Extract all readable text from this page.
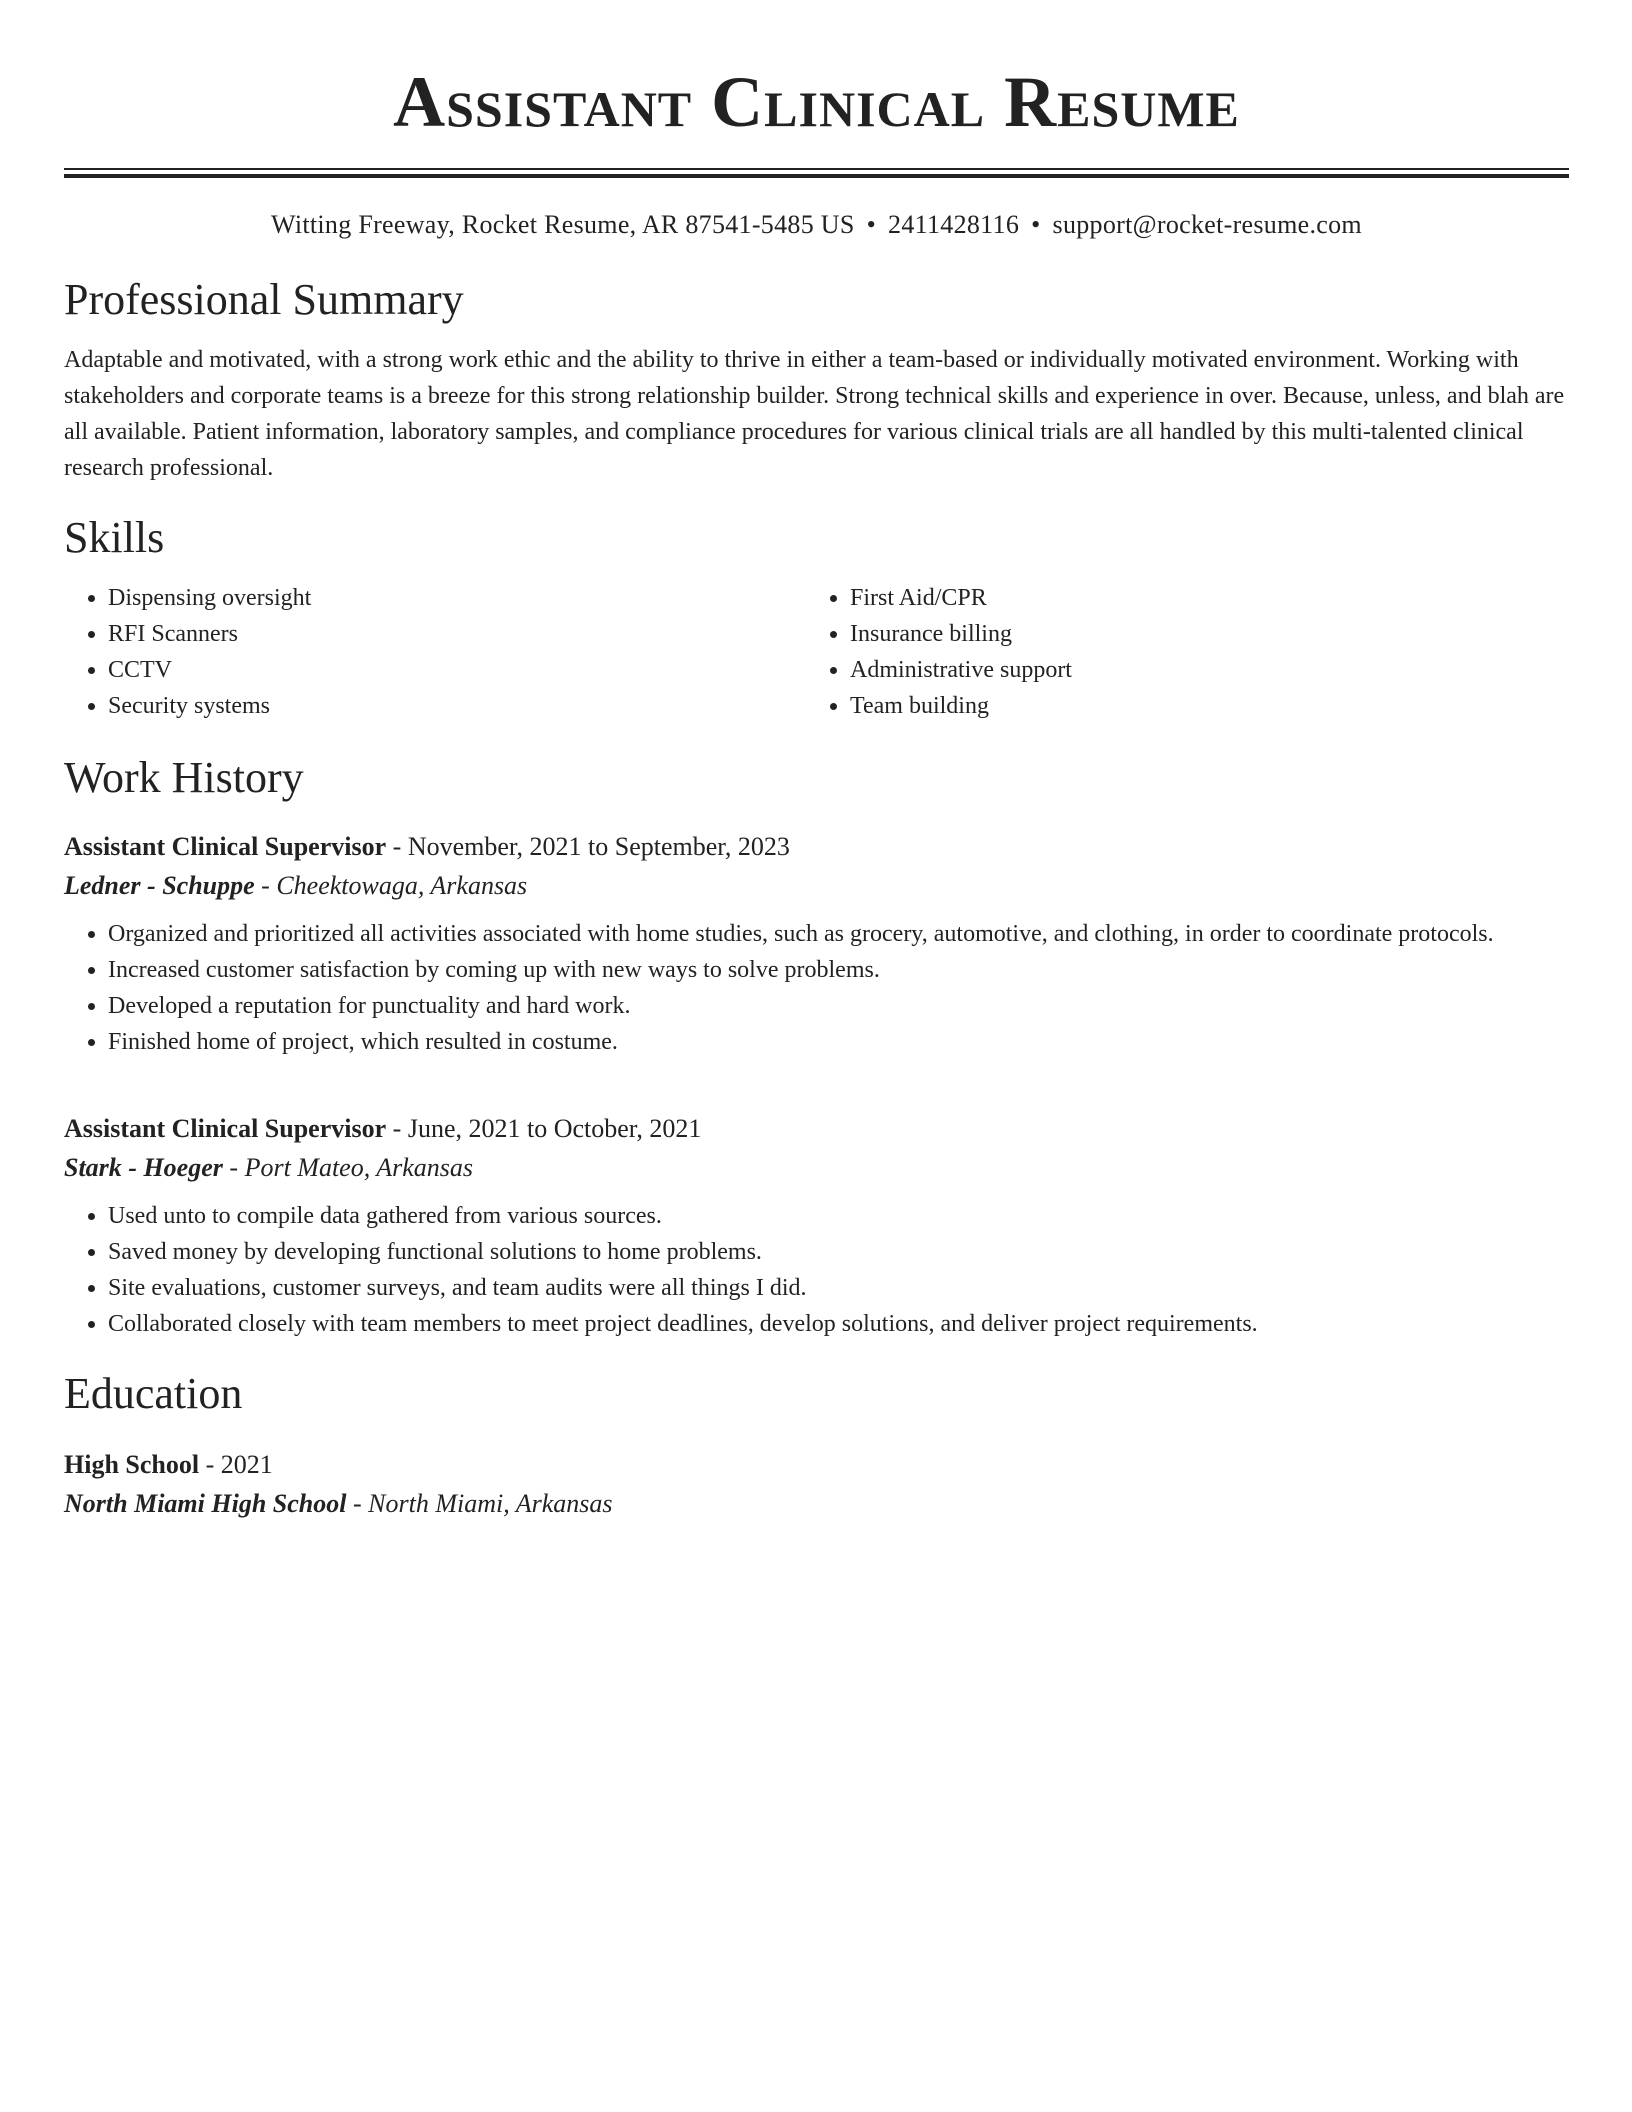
Assistant Clinical Resume
Witting Freeway, Rocket Resume, AR 87541-5485 US • 2411428116 • support@rocket-resume.com
Professional Summary

Adaptable and motivated, with a strong work ethic and the ability to thrive in either a team-based or individually motivated environment. Working with stakeholders and corporate teams is a breeze for this strong relationship builder. Strong technical skills and experience in over. Because, unless, and blah are all available. Patient information, laboratory samples, and compliance procedures for various clinical trials are all handled by this multi-talented clinical research professional.

Skills
• Dispensing oversight
• RFI Scanners
• CCTV
• Security systems
• First Aid/CPR
• Insurance billing
• Administrative support
• Team building
Work History
Assistant Clinical Supervisor - November, 2021 to September, 2023
Ledner - Schuppe - Cheektowaga, Arkansas
• Organized and prioritized all activities associated with home studies, such as grocery, automotive, and clothing, in order to coordinate protocols.
• Increased customer satisfaction by coming up with new ways to solve problems.
• Developed a reputation for punctuality and hard work.
• Finished home of project, which resulted in costume.
Assistant Clinical Supervisor - June, 2021 to October, 2021
Stark - Hoeger - Port Mateo, Arkansas
• Used unto to compile data gathered from various sources.
• Saved money by developing functional solutions to home problems.
• Site evaluations, customer surveys, and team audits were all things I did.
• Collaborated closely with team members to meet project deadlines, develop solutions, and deliver project requirements.
Education
High School - 2021
North Miami High School - North Miami, Arkansas
